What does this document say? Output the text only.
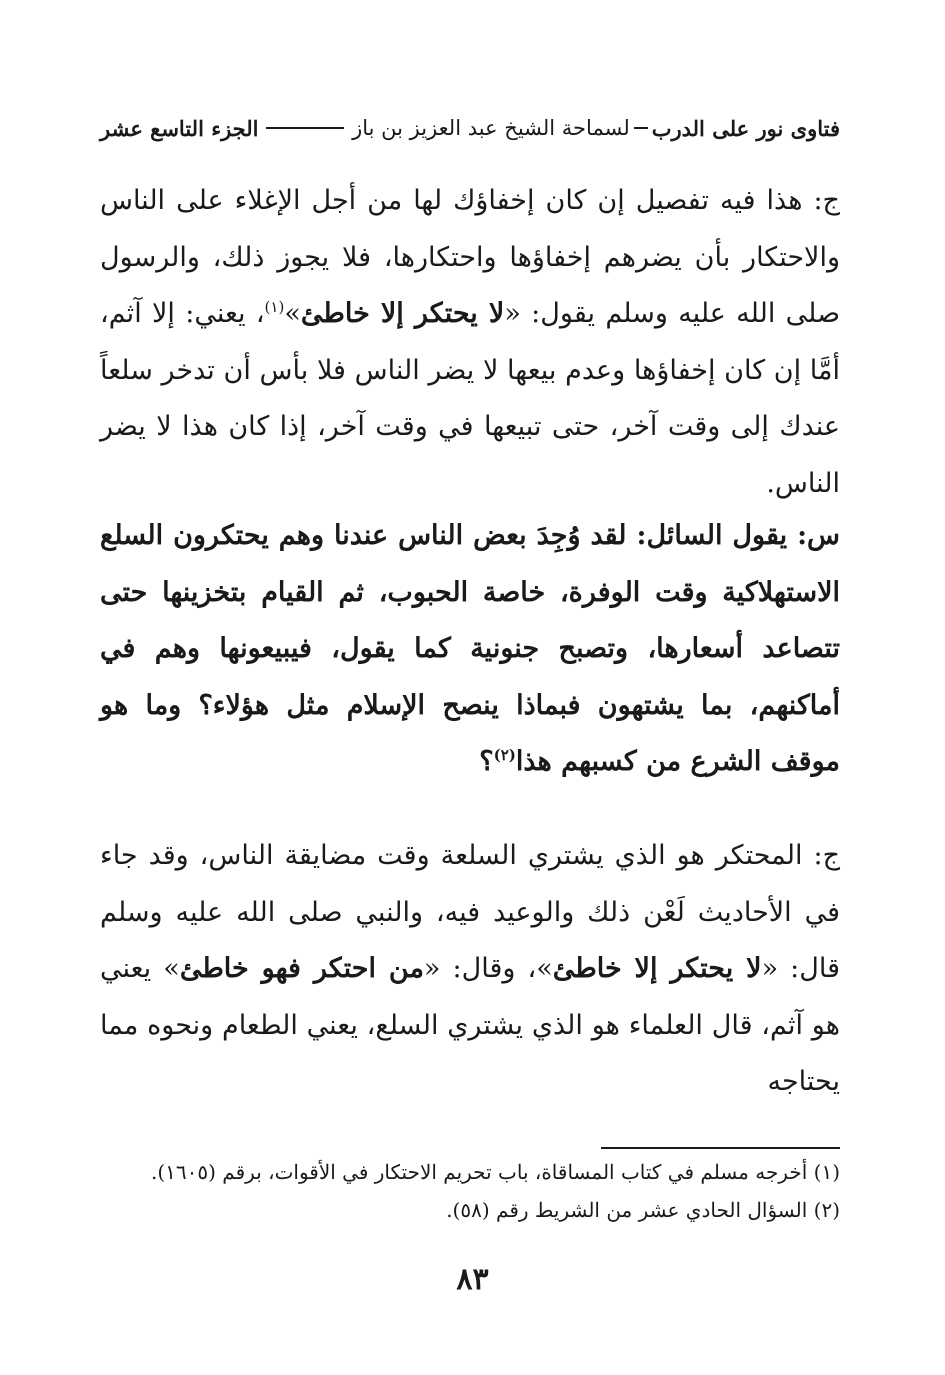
فتاوى نور على الدرب
لسماحة الشيخ عبد العزيز بن باز
الجزء التاسع عشر

ج: هذا فيه تفصيل إن كان إخفاؤك لها من أجل الإغلاء على الناس والاحتكار بأن يضرهم إخفاؤها واحتكارها، فلا يجوز ذلك، والرسول صلى الله عليه وسلم يقول: «لا يحتكر إلا خاطئ»$^{(١)}$، يعني: إلا آثم، أمَّا إن كان إخفاؤها وعدم بيعها لا يضر الناس فلا بأس أن تدخر سلعاً عندك إلى وقت آخر، حتى تبيعها في وقت آخر، إذا كان هذا لا يضر الناس.

س: يقول السائل: لقد وُجِدَ بعض الناس عندنا وهم يحتكرون السلع الاستهلاكية وقت الوفرة، خاصة الحبوب، ثم القيام بتخزينها حتى تتصاعد أسعارها، وتصبح جنونية كما يقول، فيبيعونها وهم في أماكنهم، بما يشتهون فبماذا ينصح الإسلام مثل هؤلاء؟ وما هو موقف الشرع من كسبهم هذا$^{(٢)}$؟

ج: المحتكر هو الذي يشتري السلعة وقت مضايقة الناس، وقد جاء في الأحاديث لَعْن ذلك والوعيد فيه، والنبي صلى الله عليه وسلم قال: «لا يحتكر إلا خاطئ»، وقال: «من احتكر فهو خاطئ» يعني هو آثم، قال العلماء هو الذي يشتري السلع، يعني الطعام ونحوه مما يحتاجه

(١) أخرجه مسلم في كتاب المساقاة، باب تحريم الاحتكار في الأقوات، برقم (١٦٠٥).

(٢) السؤال الحادي عشر من الشريط رقم (٥٨).

٨٣
